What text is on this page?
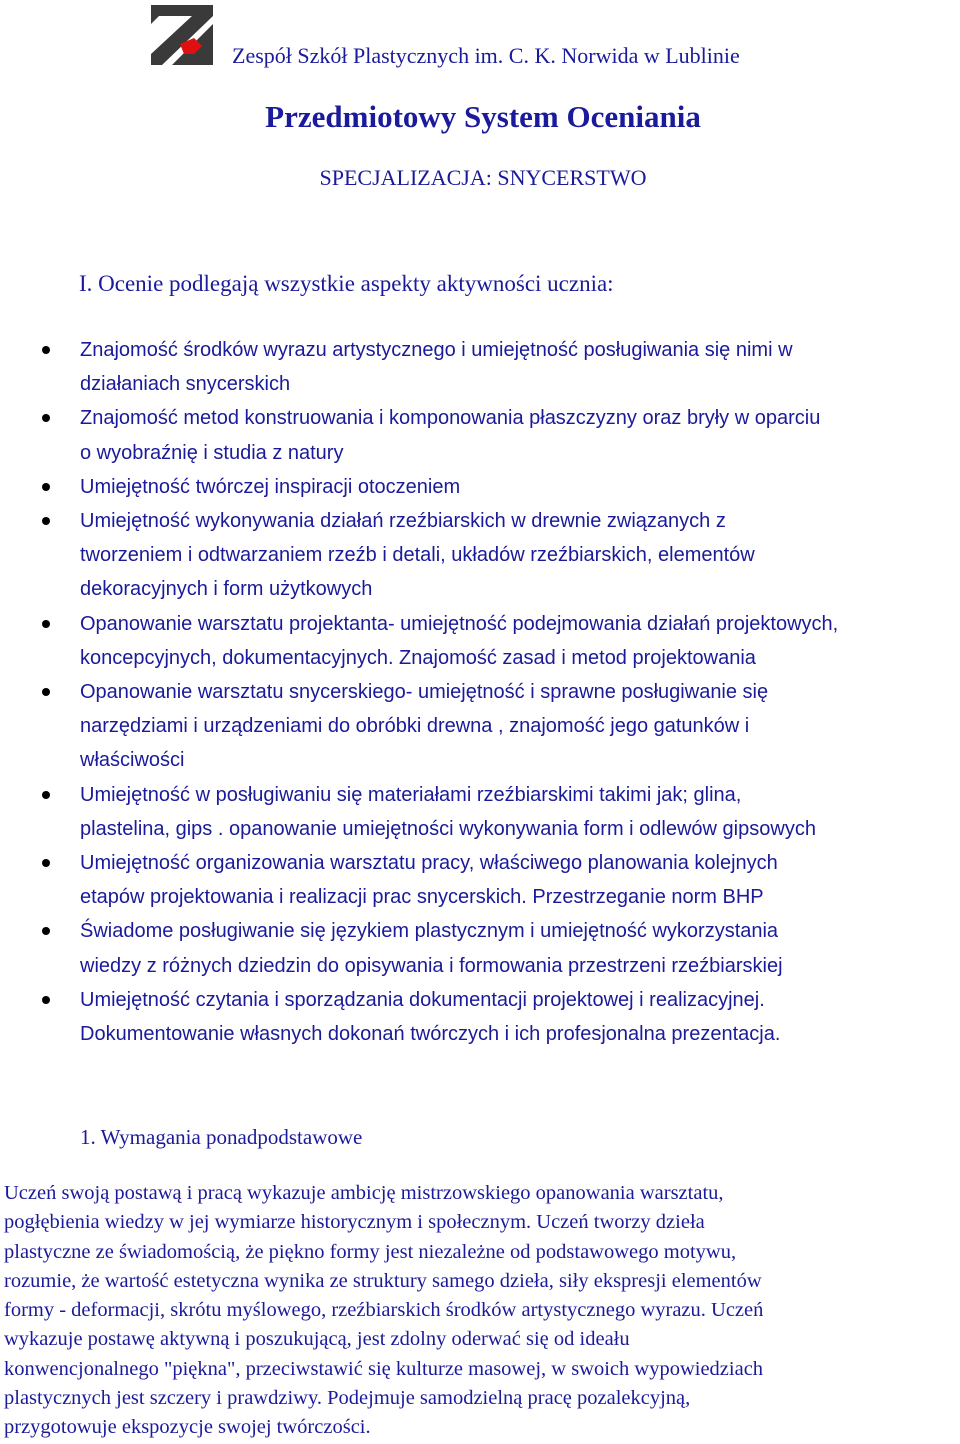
Zespół Szkół Plastycznych im. C. K. Norwida w Lublinie
Przedmiotowy System Oceniania
SPECJALIZACJA: SNYCERSTWO
I. Ocenie podlegają wszystkie aspekty aktywności ucznia:
Znajomość środków wyrazu artystycznego i umiejętność posługiwania się nimi w
działaniach snycerskich
Znajomość metod konstruowania i komponowania płaszczyzny oraz bryły w oparciu
o wyobraźnię i studia z natury
Umiejętność twórczej inspiracji otoczeniem
Umiejętność wykonywania działań rzeźbiarskich w drewnie związanych z
tworzeniem i odtwarzaniem rzeźb i detali, układów rzeźbiarskich, elementów
dekoracyjnych i form użytkowych
Opanowanie warsztatu projektanta- umiejętność podejmowania działań projektowych,
koncepcyjnych, dokumentacyjnych. Znajomość zasad i metod projektowania
Opanowanie warsztatu snycerskiego- umiejętność i sprawne posługiwanie się
narzędziami i urządzeniami do obróbki drewna , znajomość jego gatunków i
właściwości
Umiejętność w posługiwaniu się materiałami rzeźbiarskimi takimi jak; glina,
plastelina, gips . opanowanie umiejętności wykonywania form i odlewów gipsowych
Umiejętność organizowania warsztatu pracy, właściwego planowania kolejnych
etapów projektowania i realizacji prac snycerskich. Przestrzeganie norm BHP
Świadome posługiwanie się językiem plastycznym i umiejętność wykorzystania
wiedzy z różnych dziedzin do opisywania i formowania przestrzeni rzeźbiarskiej
Umiejętność czytania i sporządzania dokumentacji projektowej i realizacyjnej.
Dokumentowanie własnych dokonań twórczych i ich profesjonalna prezentacja.
1. Wymagania ponadpodstawowe
Uczeń swoją postawą i pracą wykazuje ambicję mistrzowskiego opanowania warsztatu,
pogłębienia wiedzy w jej wymiarze historycznym i społecznym. Uczeń tworzy dzieła
plastyczne ze świadomością, że piękno formy jest niezależne od podstawowego motywu,
rozumie, że wartość estetyczna wynika ze struktury samego dzieła, siły ekspresji elementów
formy - deformacji, skrótu myślowego, rzeźbiarskich środków artystycznego wyrazu. Uczeń
wykazuje postawę aktywną i poszukującą, jest zdolny oderwać się od ideału
konwencjonalnego "piękna", przeciwstawić się kulturze masowej, w swoich wypowiedziach
plastycznych jest szczery i prawdziwy. Podejmuje samodzielną pracę pozalekcyjną,
przygotowuje ekspozycje swojej twórczości.
